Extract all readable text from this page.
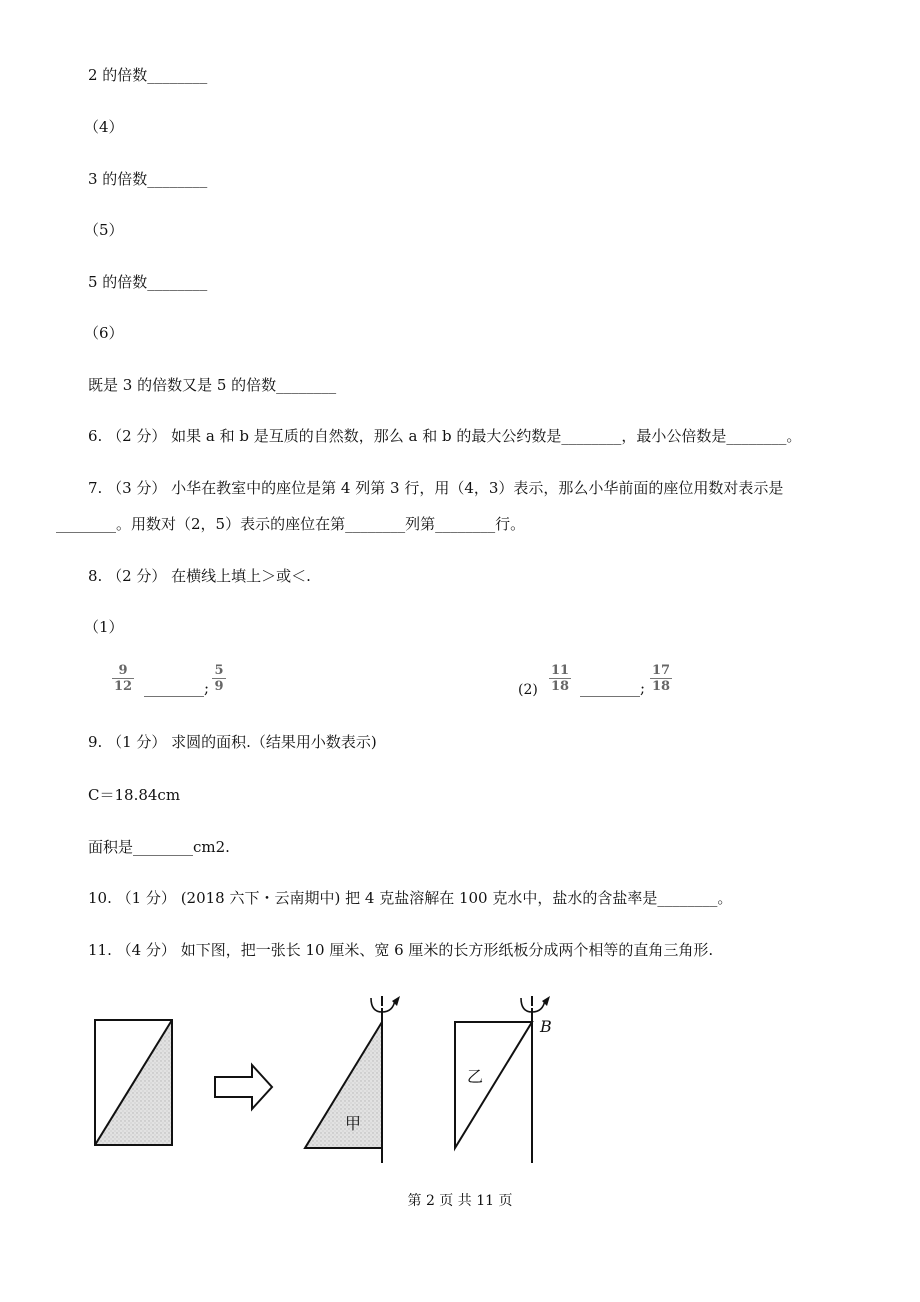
2 的倍数________
（4）
3 的倍数________
（5）
5 的倍数________
（6）
既是 3 的倍数又是 5 的倍数________
6. （2 分） 如果 a 和 b 是互质的自然数，那么 a 和 b 的最大公约数是________，最小公倍数是________。
7. （3 分） 小华在教室中的座位是第 4 列第 3 行，用（4，3）表示，那么小华前面的座位用数对表示是
________。用数对（2，5）表示的座位在第________列第________行。
8. （2 分） 在横线上填上＞或＜.
（1）
9
12 ________;
5
9	(2)
11
18 ________;
17
18
9. （1 分） 求圆的面积.（结果用小数表示)
C＝18.84cm
面积是________cm2.
10. （1 分） (2018 六下・云南期中) 把 4 克盐溶解在 100 克水中，盐水的含盐率是________。
11. （4 分） 如下图，把一张长 10 厘米、宽 6 厘米的长方形纸板分成两个相等的直角三角形.
甲
乙
B
第 2 页 共 11 页
